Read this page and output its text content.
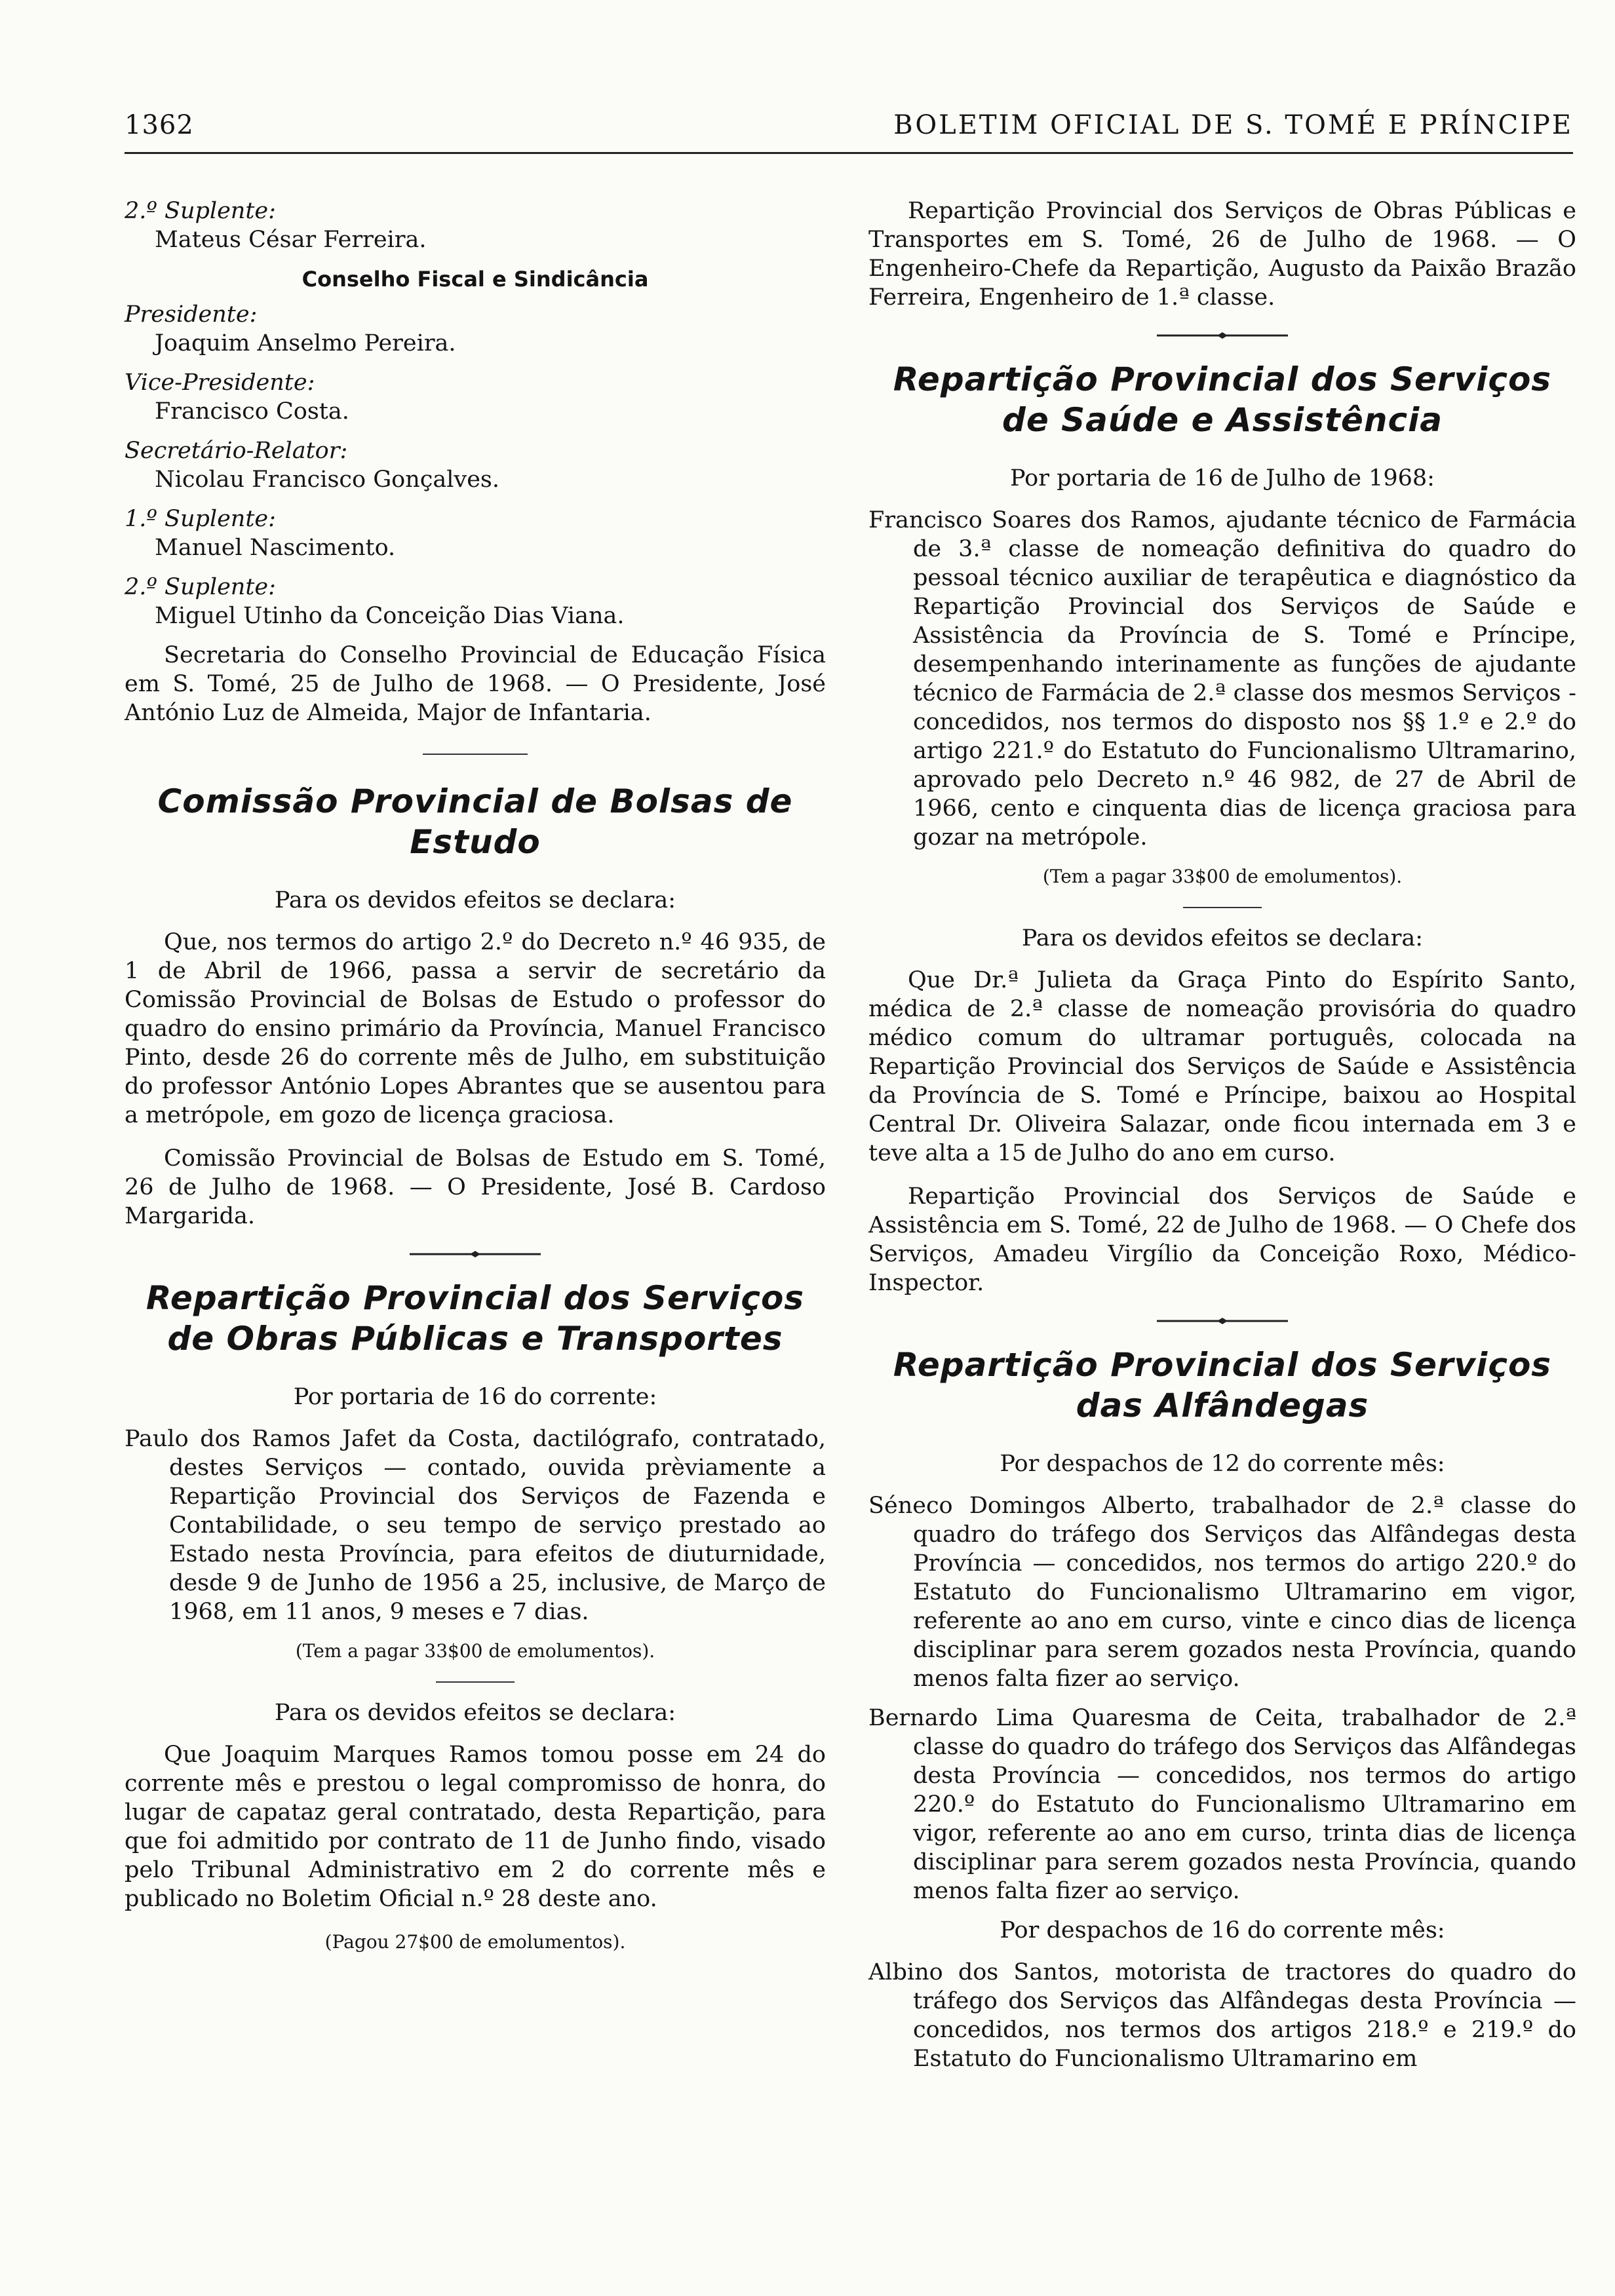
1362	BOLETIM OFICIAL DE S. TOMÉ E PRÍNCIPE

2.º Suplente:

Mateus César Ferreira.

Conselho Fiscal e Sindicância

Presidente:

Joaquim Anselmo Pereira.

Vice-Presidente:

Francisco Costa.

Secretário-Relator:

Nicolau Francisco Gonçalves.

1.º Suplente:

Manuel Nascimento.

2.º Suplente:

Miguel Utinho da Conceição Dias Viana.

Secretaria do Conselho Provincial de Educação Física em S. Tomé, 25 de Julho de 1968. — O Presidente, José António Luz de Almeida, Major de Infantaria.

Comissão Provincial de Bolsas de Estudo

Para os devidos efeitos se declara:

Que, nos termos do artigo 2.º do Decreto n.º 46 935, de 1 de Abril de 1966, passa a servir de secretário da Comissão Provincial de Bolsas de Estudo o professor do quadro do ensino primário da Província, Manuel Francisco Pinto, desde 26 do corrente mês de Julho, em substituição do professor António Lopes Abrantes que se ausentou para a metrópole, em gozo de licença graciosa.

Comissão Provincial de Bolsas de Estudo em S. Tomé, 26 de Julho de 1968. — O Presidente, José B. Cardoso Margarida.

Repartição Provincial dos Serviços de Obras Públicas e Transportes

Por portaria de 16 do corrente:

Paulo dos Ramos Jafet da Costa, dactilógrafo, contratado, destes Serviços — contado, ouvida prèviamente a Repartição Provincial dos Serviços de Fazenda e Contabilidade, o seu tempo de serviço prestado ao Estado nesta Província, para efeitos de diuturnidade, desde 9 de Junho de 1956 a 25, inclusive, de Março de 1968, em 11 anos, 9 meses e 7 dias.

(Tem a pagar 33$00 de emolumentos).

Para os devidos efeitos se declara:

Que Joaquim Marques Ramos tomou posse em 24 do corrente mês e prestou o legal compromisso de honra, do lugar de capataz geral contratado, desta Repartição, para que foi admitido por contrato de 11 de Junho findo, visado pelo Tribunal Administrativo em 2 do corrente mês e publicado no Boletim Oficial n.º 28 deste ano.

(Pagou 27$00 de emolumentos).

Repartição Provincial dos Serviços de Obras Públicas e Transportes em S. Tomé, 26 de Julho de 1968. — O Engenheiro-Chefe da Repartição, Augusto da Paixão Brazão Ferreira, Engenheiro de 1.ª classe.

Repartição Provincial dos Serviços de Saúde e Assistência

Por portaria de 16 de Julho de 1968:

Francisco Soares dos Ramos, ajudante técnico de Farmácia de 3.ª classe de nomeação definitiva do quadro do pessoal técnico auxiliar de terapêutica e diagnóstico da Repartição Provincial dos Serviços de Saúde e Assistência da Província de S. Tomé e Príncipe, desempenhando interinamente as funções de ajudante técnico de Farmácia de 2.ª classe dos mesmos Serviços - concedidos, nos termos do disposto nos §§ 1.º e 2.º do artigo 221.º do Estatuto do Funcionalismo Ultramarino, aprovado pelo Decreto n.º 46 982, de 27 de Abril de 1966, cento e cinquenta dias de licença graciosa para gozar na metrópole.

(Tem a pagar 33$00 de emolumentos).

Para os devidos efeitos se declara:

Que Dr.ª Julieta da Graça Pinto do Espírito Santo, médica de 2.ª classe de nomeação provisória do quadro médico comum do ultramar português, colocada na Repartição Provincial dos Serviços de Saúde e Assistência da Província de S. Tomé e Príncipe, baixou ao Hospital Central Dr. Oliveira Salazar, onde ficou internada em 3 e teve alta a 15 de Julho do ano em curso.

Repartição Provincial dos Serviços de Saúde e Assistência em S. Tomé, 22 de Julho de 1968. — O Chefe dos Serviços, Amadeu Virgílio da Conceição Roxo, Médico-Inspector.

Repartição Provincial dos Serviços das Alfândegas

Por despachos de 12 do corrente mês:

Séneco Domingos Alberto, trabalhador de 2.ª classe do quadro do tráfego dos Serviços das Alfândegas desta Província — concedidos, nos termos do artigo 220.º do Estatuto do Funcionalismo Ultramarino em vigor, referente ao ano em curso, vinte e cinco dias de licença disciplinar para serem gozados nesta Província, quando menos falta fizer ao serviço.

Bernardo Lima Quaresma de Ceita, trabalhador de 2.ª classe do quadro do tráfego dos Serviços das Alfândegas desta Província — concedidos, nos termos do artigo 220.º do Estatuto do Funcionalismo Ultramarino em vigor, referente ao ano em curso, trinta dias de licença disciplinar para serem gozados nesta Província, quando menos falta fizer ao serviço.

Por despachos de 16 do corrente mês:

Albino dos Santos, motorista de tractores do quadro do tráfego dos Serviços das Alfândegas desta Província — concedidos, nos termos dos artigos 218.º e 219.º do Estatuto do Funcionalismo Ultramarino em
